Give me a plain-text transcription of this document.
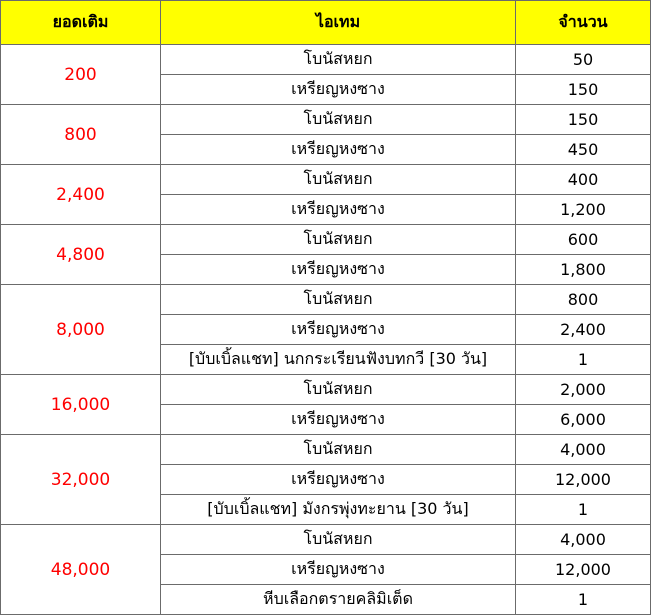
ยอดเติม	ไอเทม	จำนวน
200	โบนัสหยก	50
	เหรียญหงซาง	150
800	โบนัสหยก	150
	เหรียญหงซาง	450
2,400	โบนัสหยก	400
	เหรียญหงซาง	1,200
4,800	โบนัสหยก	600
	เหรียญหงซาง	1,800
8,000	โบนัสหยก	800
	เหรียญหงซาง	2,400
	[บับเบิ้ลแชท] นกกระเรียนฟังบทกวี [30 วัน]	1
16,000	โบนัสหยก	2,000
	เหรียญหงซาง	6,000
32,000	โบนัสหยก	4,000
	เหรียญหงซาง	12,000
	[บับเบิ้ลแชท] มังกรพุ่งทะยาน [30 วัน]	1
48,000	โบนัสหยก	4,000
	เหรียญหงซาง	12,000
	หีบเลือกตรายคลิมิเต็ด	1
